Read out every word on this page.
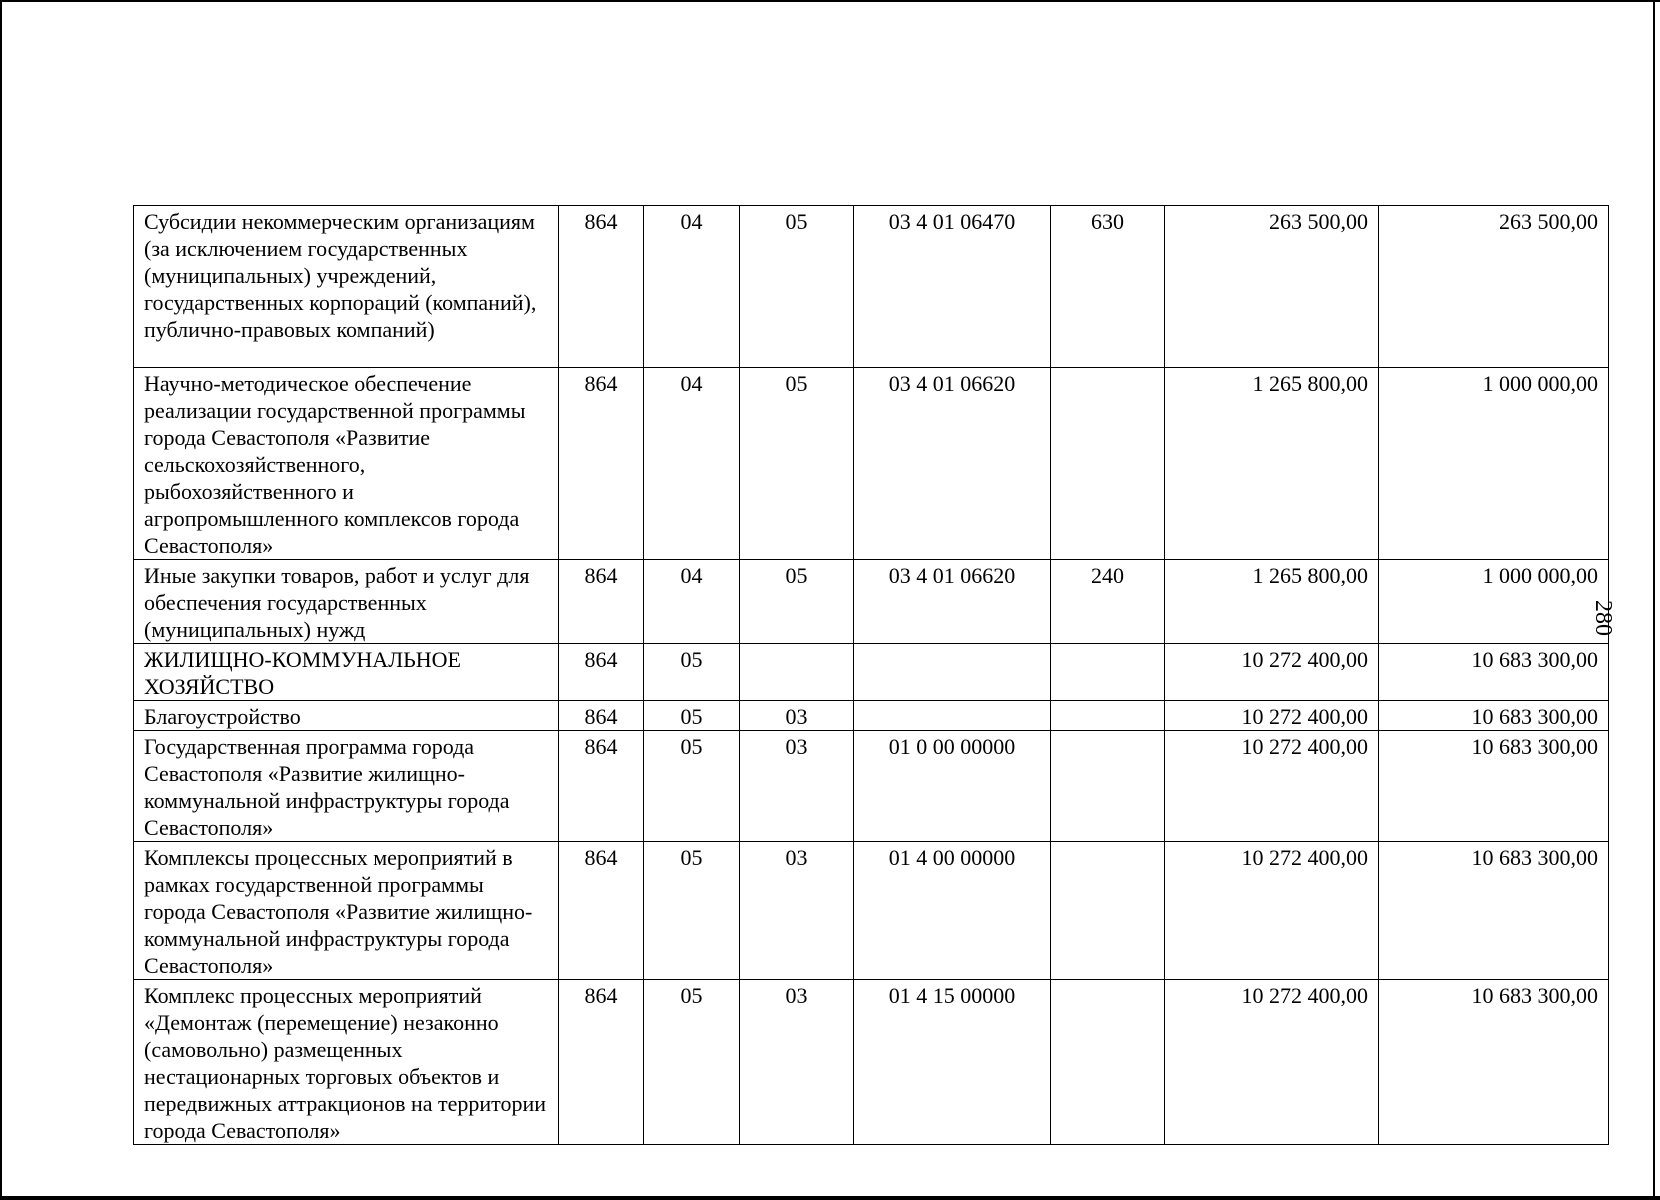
Субсидии некоммерческим организациям (за исключением государственных (муниципальных) учреждений, государственных корпораций (компаний), публично-правовых компаний)	864	04	05	03 4 01 06470	630	263 500,00	263 500,00
Научно-методическое обеспечение реализации государственной программы города Севастополя «Развитие сельскохозяйственного, рыбохозяйственного и агропромышленного комплексов города Севастополя»	864	04	05	03 4 01 06620		1 265 800,00	1 000 000,00
Иные закупки товаров, работ и услуг для обеспечения государственных (муниципальных) нужд	864	04	05	03 4 01 06620	240	1 265 800,00	1 000 000,00
ЖИЛИЩНО-КОММУНАЛЬНОЕ ХОЗЯЙСТВО	864	05				10 272 400,00	10 683 300,00
Благоустройство	864	05	03			10 272 400,00	10 683 300,00
Государственная программа города Севастополя «Развитие жилищно-коммунальной инфраструктуры города Севастополя»	864	05	03	01 0 00 00000		10 272 400,00	10 683 300,00
Комплексы процессных мероприятий в рамках государственной программы города Севастополя «Развитие жилищно-коммунальной инфраструктуры города Севастополя»	864	05	03	01 4 00 00000		10 272 400,00	10 683 300,00
Комплекс процессных мероприятий «Демонтаж (перемещение) незаконно (самовольно) размещенных нестационарных торговых объектов и передвижных аттракционов на территории города Севастополя»	864	05	03	01 4 15 00000		10 272 400,00	10 683 300,00
280
